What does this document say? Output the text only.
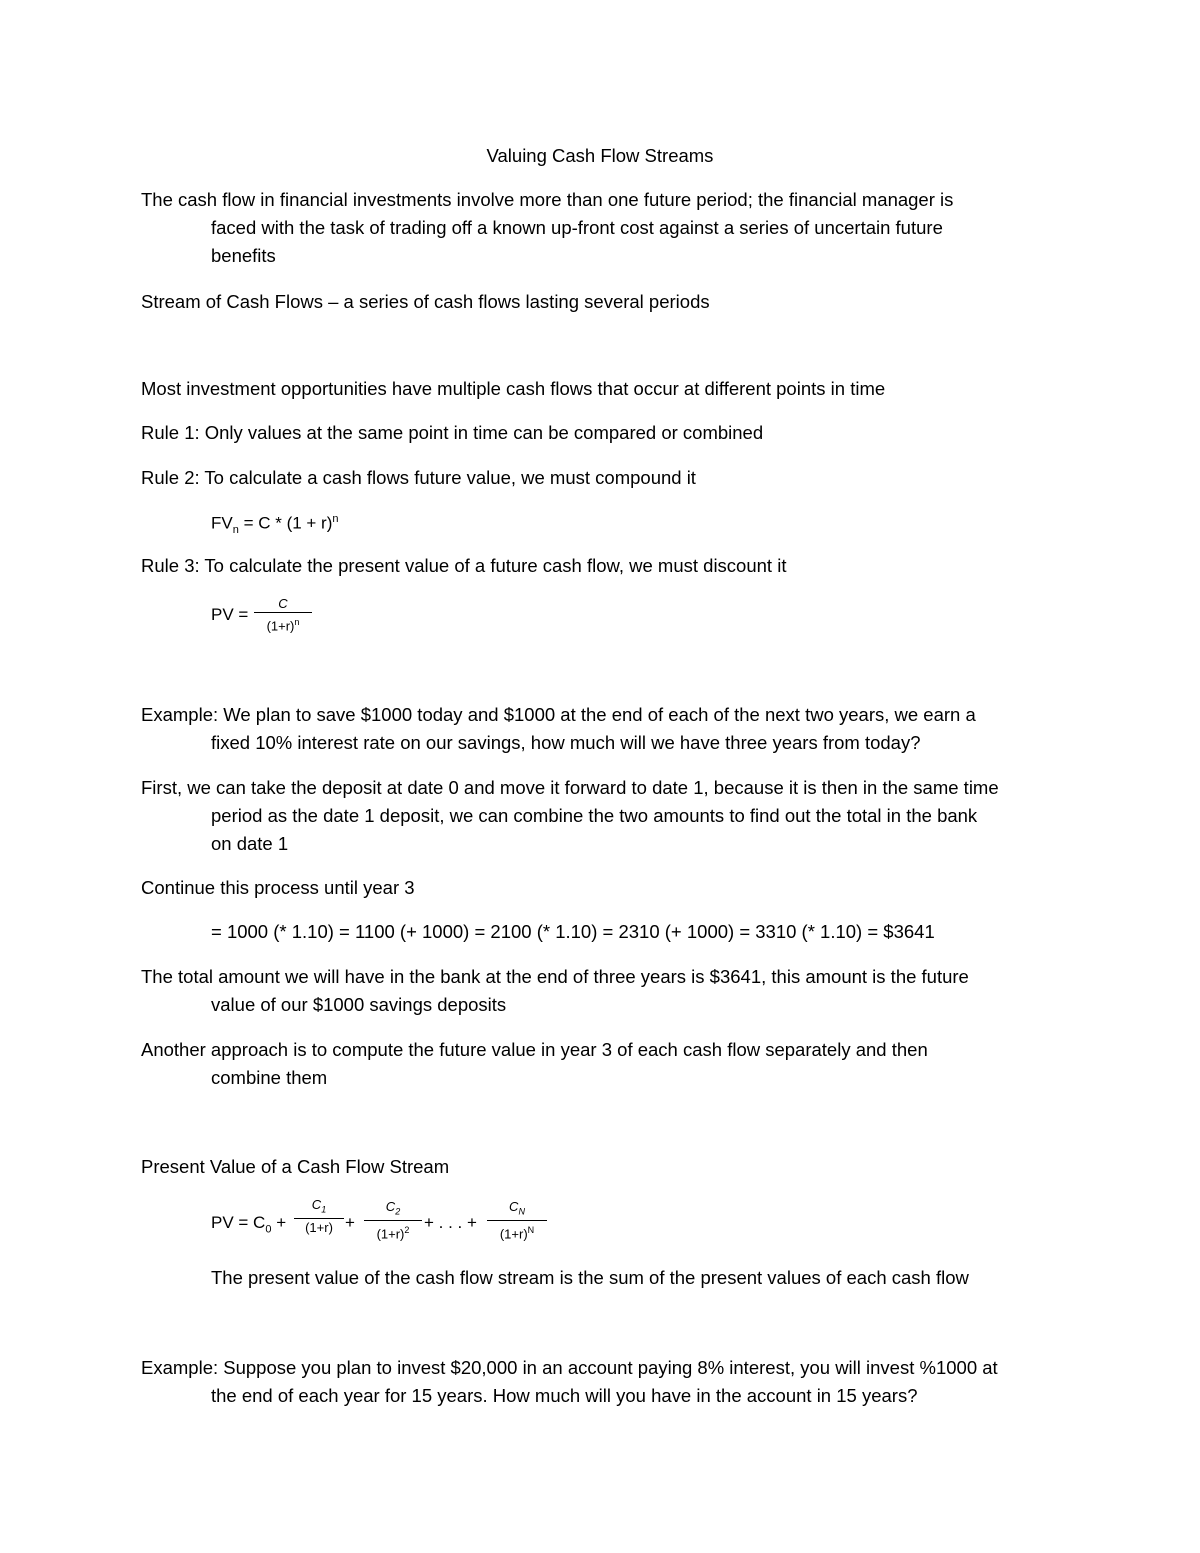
Valuing Cash Flow Streams
The cash flow in financial investments involve more than one future period; the financial manager is
faced with the task of trading off a known up-front cost against a series of uncertain future
benefits
Stream of Cash Flows – a series of cash flows lasting several periods
Most investment opportunities have multiple cash flows that occur at different points in time
Rule 1: Only values at the same point in time can be compared or combined
Rule 2: To calculate a cash flows future value, we must compound it
$FV_n = C * (1 + r)^n$
Rule 3: To calculate the present value of a future cash flow, we must discount it
PV =
C
$(1+r)^n$
Example: We plan to save $1000 today and $1000 at the end of each of the next two years, we earn a
fixed 10% interest rate on our savings, how much will we have three years from today?
First, we can take the deposit at date 0 and move it forward to date 1, because it is then in the same time
period as the date 1 deposit, we can combine the two amounts to find out the total in the bank
on date 1
Continue this process until year 3
= 1000 (* 1.10) = 1100 (+ 1000) = 2100 (* 1.10) = 2310 (+ 1000) = 3310 (* 1.10) = $3641
The total amount we will have in the bank at the end of three years is $3641, this amount is the future
value of our $1000 savings deposits
Another approach is to compute the future value in year 3 of each cash flow separately and then
combine them
Present Value of a Cash Flow Stream
PV = $C_0$ +
$C_1$
(1+r) +
$C_2$
$(1+r)^2$ + . . . +
$C_N$
$(1+r)^N$
The present value of the cash flow stream is the sum of the present values of each cash flow
Example: Suppose you plan to invest $20,000 in an account paying 8% interest, you will invest %1000 at
the end of each year for 15 years. How much will you have in the account in 15 years?
